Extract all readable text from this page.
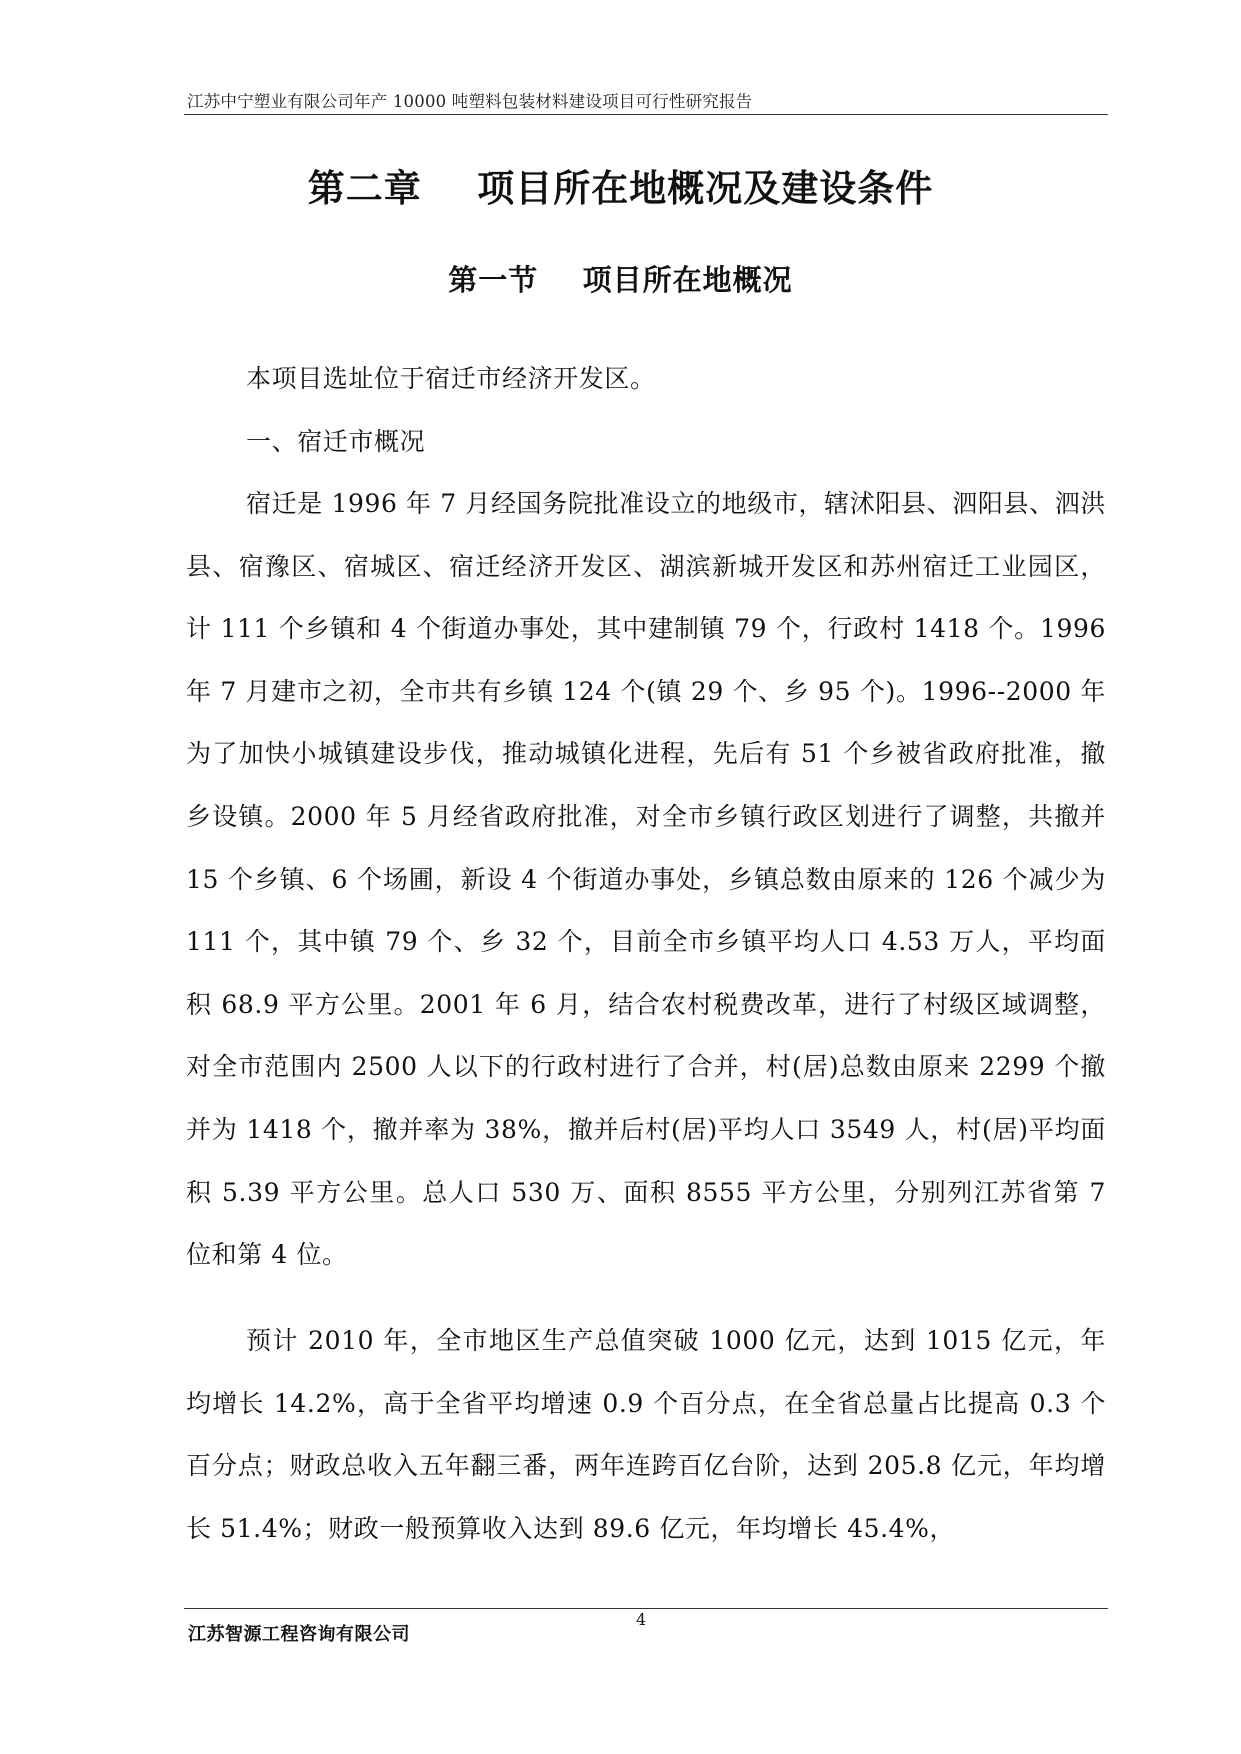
江苏中宁塑业有限公司年产 10000 吨塑料包装材料建设项目可行性研究报告
第二章    项目所在地概况及建设条件
第一节    项目所在地概况

本项目选址位于宿迁市经济开发区。

一、宿迁市概况

宿迁是 1996 年 7 月经国务院批准设立的地级市，辖沭阳县、泗阳县、泗洪县、宿豫区、宿城区、宿迁经济开发区、湖滨新城开发区和苏州宿迁工业园区，计 111 个乡镇和 4 个街道办事处，其中建制镇 79 个，行政村 1418 个。1996 年 7 月建市之初，全市共有乡镇 124 个(镇 29 个、乡 95 个)。1996--2000 年为了加快小城镇建设步伐，推动城镇化进程，先后有 51 个乡被省政府批准，撤乡设镇。2000 年 5 月经省政府批准，对全市乡镇行政区划进行了调整，共撤并 15 个乡镇、6 个场圃，新设 4 个街道办事处，乡镇总数由原来的 126 个减少为 111 个，其中镇 79 个、乡 32 个，目前全市乡镇平均人口 4.53 万人，平均面积 68.9 平方公里。2001 年 6 月，结合农村税费改革，进行了村级区域调整，对全市范围内 2500 人以下的行政村进行了合并，村(居)总数由原来 2299 个撤并为 1418 个，撤并率为 38%，撤并后村(居)平均人口 3549 人，村(居)平均面积 5.39 平方公里。总人口 530 万、面积 8555 平方公里，分别列江苏省第 7 位和第 4 位。

预计 2010 年，全市地区生产总值突破 1000 亿元，达到 1015 亿元，年均增长 14.2%，高于全省平均增速 0.9 个百分点，在全省总量占比提高 0.3 个百分点；财政总收入五年翻三番，两年连跨百亿台阶，达到 205.8 亿元，年均增长 51.4%；财政一般预算收入达到 89.6 亿元，年均增长 45.4%，

江苏智源工程咨询有限公司
4
